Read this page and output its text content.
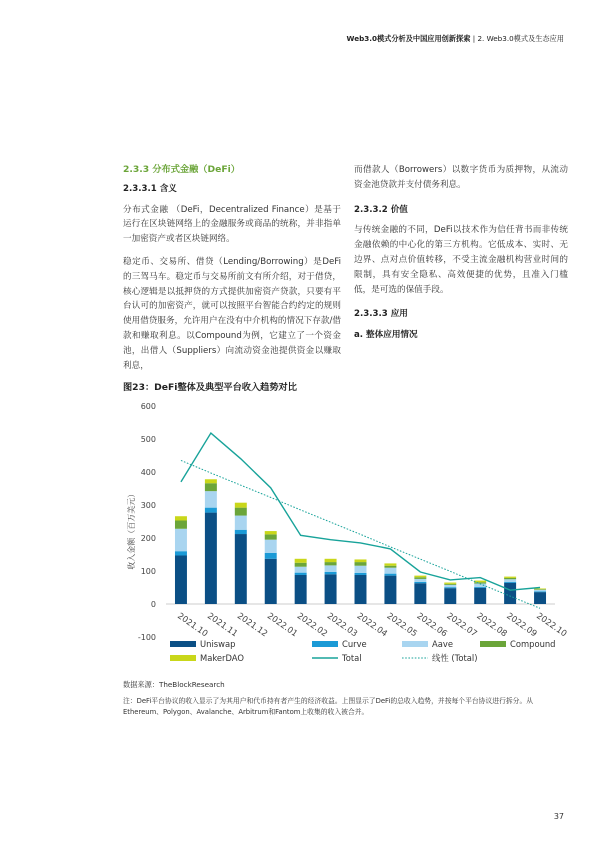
Web3.0模式分析及中国应用创新探索 | 2. Web3.0模式及生态应用
2.3.3 分布式金融（DeFi）
2.3.3.1 含义

分布式金融 （DeFi，Decentralized Finance）是基于运行在区块链网络上的金融服务或商品的统称，并非指单一加密资产或者区块链网络。

稳定币、交易所、借贷（Lending/Borrowing）是DeFi的三驾马车。稳定币与交易所前文有所介绍，对于借贷，核心逻辑是以抵押贷的方式提供加密资产贷款，只要有平台认可的加密资产，就可以按照平台智能合约约定的规则使用借贷服务，允许用户在没有中介机构的情况下存款/借款和赚取利息。以Compound为例，它建立了一个资金池，出借人（Suppliers）向流动资金池提供资金以赚取利息，

而借款人（Borrowers）以数字货币为质押物，从流动资金池贷款并支付债务利息。

2.3.3.2 价值

与传统金融的不同，DeFi以技术作为信任背书而非传统金融依赖的中心化的第三方机构。它低成本、实时、无边界、点对点价值转移，不受主流金融机构营业时间的限制，具有安全隐私、高效便捷的优势，且准入门槛低，是可选的保值手段。

2.3.3.3 应用
a. 整体应用情况
图23：DeFi整体及典型平台收入趋势对比
-100
0
100
200
300
400
500
600
收入金额（百万美元）
2021.10
2021.11
2021.12
2022.01
2022.02
2022.03
2022.04
2022.05
2022.06
2022.07
2022.08
2022.09
2022.10
Uniswap	Curve	Aave	Compound
MakerDAO	Total	线性 (Total)
数据来源：TheBlockResearch
注：DeFi平台协议的收入显示了为其用户和代币持有者产生的经济收益。上图显示了DeFi的总收入趋势，并按每个平台协议进行拆分。从Ethereum、Polygon、Avalanche、Arbitrum和Fantom上收集的收入被合并。
37
